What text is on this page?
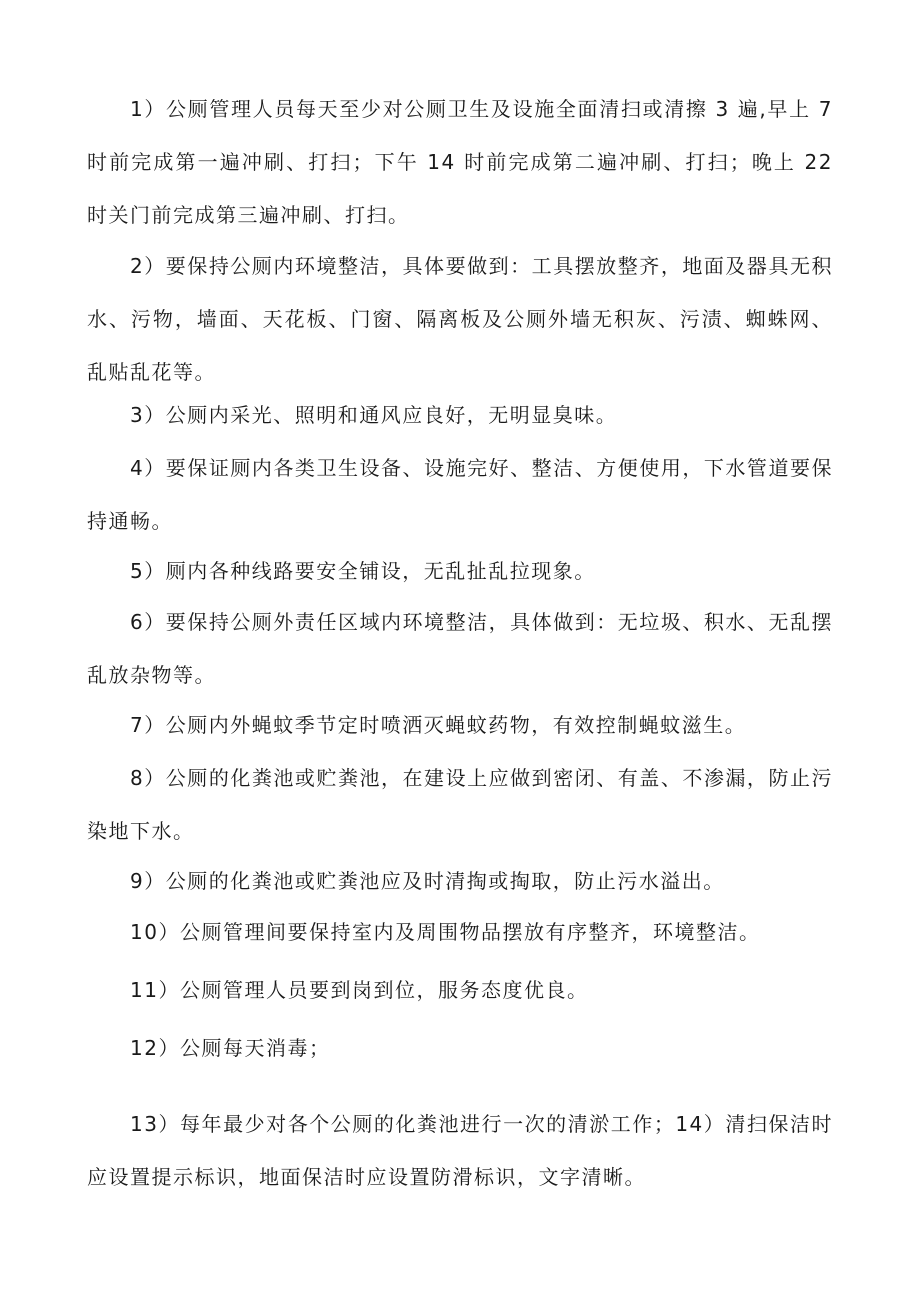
1）公厕管理人员每天至少对公厕卫生及设施全面清扫或清擦 3 遍,早上 7 时前完成第一遍冲刷、打扫；下午 14 时前完成第二遍冲刷、打扫；晚上 22 时关门前完成第三遍冲刷、打扫。

2）要保持公厕内环境整洁，具体要做到：工具摆放整齐，地面及器具无积水、污物，墙面、天花板、门窗、隔离板及公厕外墙无积灰、污渍、蜘蛛网、乱贴乱花等。

3）公厕内采光、照明和通风应良好，无明显臭味。

4）要保证厕内各类卫生设备、设施完好、整洁、方便使用，下水管道要保持通畅。

5）厕内各种线路要安全铺设，无乱扯乱拉现象。

6）要保持公厕外责任区域内环境整洁，具体做到：无垃圾、积水、无乱摆乱放杂物等。

7）公厕内外蝇蚊季节定时喷洒灭蝇蚊药物，有效控制蝇蚊滋生。

8）公厕的化粪池或贮粪池，在建设上应做到密闭、有盖、不渗漏，防止污染地下水。

9）公厕的化粪池或贮粪池应及时清掏或掏取，防止污水溢出。

10）公厕管理间要保持室内及周围物品摆放有序整齐，环境整洁。

11）公厕管理人员要到岗到位，服务态度优良。

12）公厕每天消毒；

13）每年最少对各个公厕的化粪池进行一次的清淤工作；14）清扫保洁时应设置提示标识，地面保洁时应设置防滑标识，文字清晰。
